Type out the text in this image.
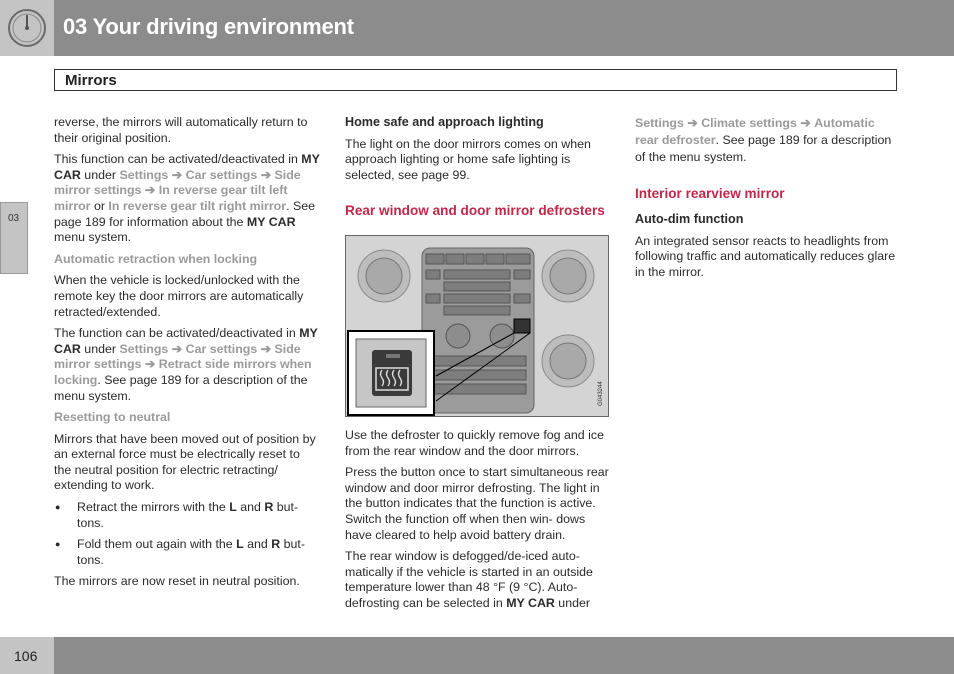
03 Your driving environment
Mirrors
03

reverse, the mirrors will automatically return to their original position.

This function can be activated/deactivated in MY CAR under Settings ➔ Car settings ➔ Side mirror settings ➔ In reverse gear tilt left mirror or In reverse gear tilt right mirror. See page 189 for information about the MY CAR menu system.

Automatic retraction when locking

When the vehicle is locked/unlocked with the remote key the door mirrors are automatically retracted/extended.

The function can be activated/deactivated in MY CAR under Settings ➔ Car settings ➔ Side mirror settings ➔ Retract side mirrors when locking. See page 189 for a description of the menu system.

Resetting to neutral

Mirrors that have been moved out of position by an external force must be electrically reset to the neutral position for electric retracting/ extending to work.

● Retract the mirrors with the L and R but- tons.
● Fold them out again with the L and R but- tons.

The mirrors are now reset in neutral position.

Home safe and approach lighting

The light on the door mirrors comes on when approach lighting or home safe lighting is selected, see page 99.

Rear window and door mirror defrosters

G043244

Use the defroster to quickly remove fog and ice from the rear window and the door mirrors.

Press the button once to start simultaneous rear window and door mirror defrosting. The light in the button indicates that the function is active. Switch the function off when then win- dows have cleared to help avoid battery drain.

The rear window is defogged/de-iced auto- matically if the vehicle is started in an outside temperature lower than 48 °F (9 °C). Auto- defrosting can be selected in MY CAR under

Settings ➔ Climate settings ➔ Automatic rear defroster. See page 189 for a description of the menu system.

Interior rearview mirror

Auto-dim function

An integrated sensor reacts to headlights from following traffic and automatically reduces glare in the mirror.

106
